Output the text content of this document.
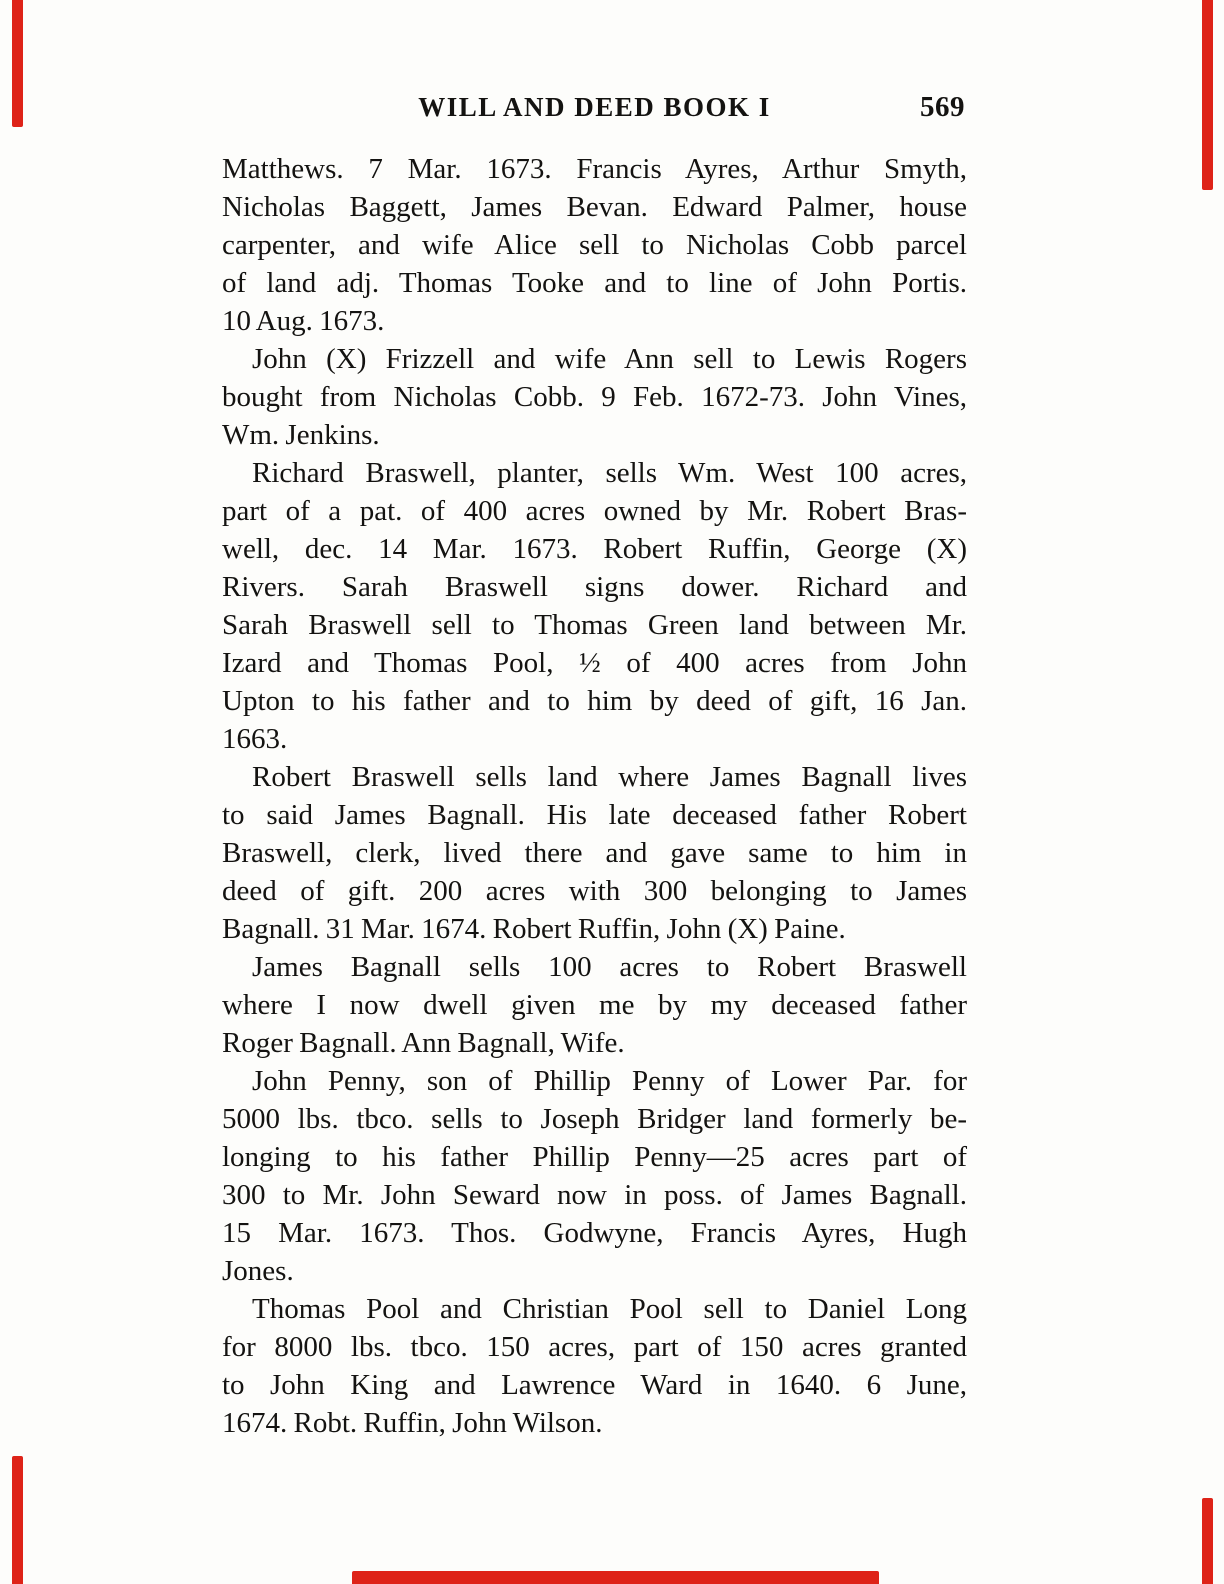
WILL AND DEED BOOK I	569
Matthews. 7 Mar. 1673. Francis Ayres, Arthur Smyth,
Nicholas Baggett, James Bevan. Edward Palmer, house
carpenter, and wife Alice sell to Nicholas Cobb parcel
of land adj. Thomas Tooke and to line of John Portis.
10 Aug. 1673.
John (X) Frizzell and wife Ann sell to Lewis Rogers
bought from Nicholas Cobb. 9 Feb. 1672-73. John Vines,
Wm. Jenkins.
Richard Braswell, planter, sells Wm. West 100 acres,
part of a pat. of 400 acres owned by Mr. Robert Bras-
well, dec. 14 Mar. 1673. Robert Ruffin, George (X)
Rivers. Sarah Braswell signs dower. Richard and
Sarah Braswell sell to Thomas Green land between Mr.
Izard and Thomas Pool, ½ of 400 acres from John
Upton to his father and to him by deed of gift, 16 Jan.
1663.
Robert Braswell sells land where James Bagnall lives
to said James Bagnall. His late deceased father Robert
Braswell, clerk, lived there and gave same to him in
deed of gift. 200 acres with 300 belonging to James
Bagnall. 31 Mar. 1674. Robert Ruffin, John (X) Paine.
James Bagnall sells 100 acres to Robert Braswell
where I now dwell given me by my deceased father
Roger Bagnall. Ann Bagnall, Wife.
John Penny, son of Phillip Penny of Lower Par. for
5000 lbs. tbco. sells to Joseph Bridger land formerly be-
longing to his father Phillip Penny—25 acres part of
300 to Mr. John Seward now in poss. of James Bagnall.
15 Mar. 1673. Thos. Godwyne, Francis Ayres, Hugh
Jones.
Thomas Pool and Christian Pool sell to Daniel Long
for 8000 lbs. tbco. 150 acres, part of 150 acres granted
to John King and Lawrence Ward in 1640. 6 June,
1674. Robt. Ruffin, John Wilson.
